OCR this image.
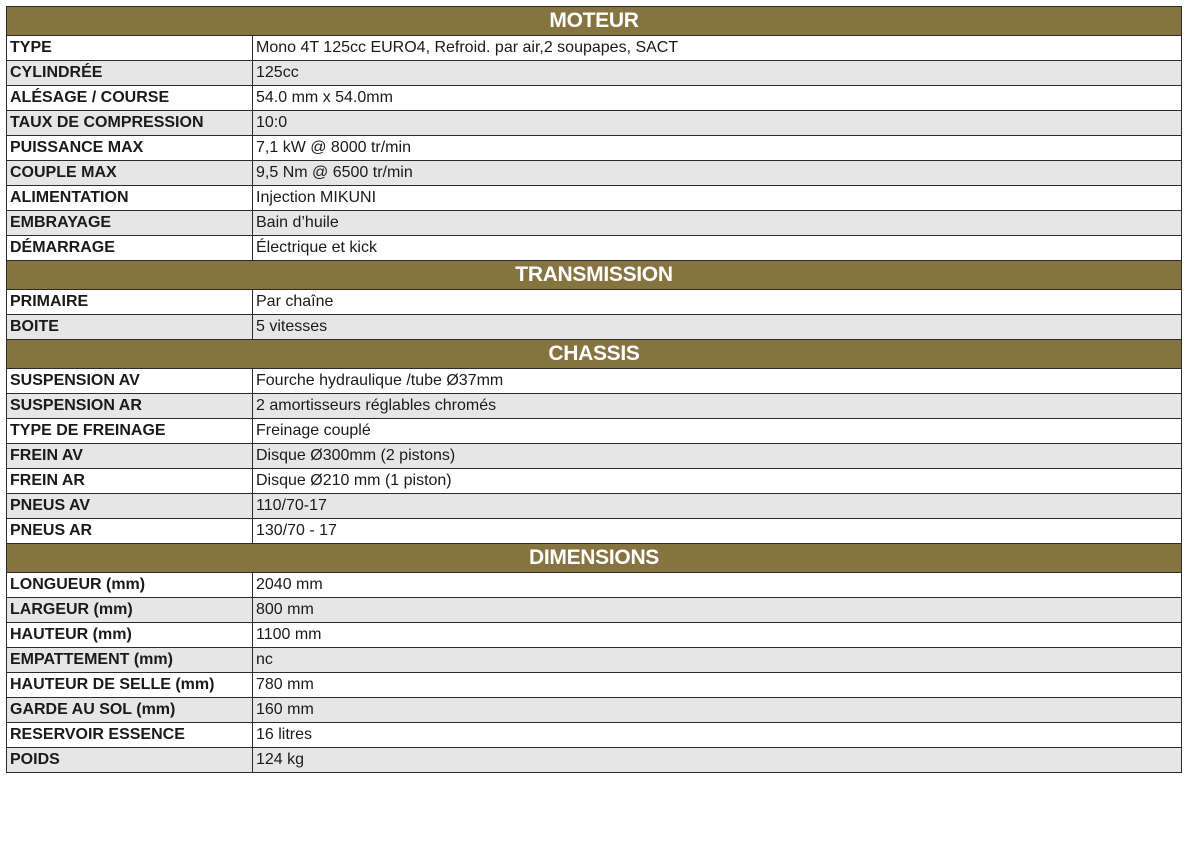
MOTEUR	
TYPE	Mono 4T 125cc EURO4, Refroid. par air,2 soupapes, SACT
CYLINDRÉE	125cc
ALÉSAGE / COURSE	54.0 mm x 54.0mm
TAUX DE COMPRESSION	10:0
PUISSANCE MAX	7,1 kW @ 8000 tr/min
COUPLE MAX	9,5 Nm @ 6500 tr/min
ALIMENTATION	Injection MIKUNI
EMBRAYAGE	Bain d’huile
DÉMARRAGE	Électrique et kick
TRANSMISSION	
PRIMAIRE	Par chaîne
BOITE	5 vitesses
CHASSIS	
SUSPENSION AV	Fourche hydraulique /tube Ø37mm
SUSPENSION AR	2 amortisseurs réglables chromés
TYPE DE FREINAGE	Freinage couplé
FREIN AV	Disque Ø300mm (2 pistons)
FREIN AR	Disque Ø210 mm (1 piston)
PNEUS AV	110/70-17
PNEUS AR	130/70 - 17
DIMENSIONS	
LONGUEUR (mm)	2040 mm
LARGEUR (mm)	800 mm
HAUTEUR (mm)	1100 mm
EMPATTEMENT (mm)	nc
HAUTEUR DE SELLE (mm)	780 mm
GARDE AU SOL (mm)	160 mm
RESERVOIR ESSENCE	16 litres
POIDS	124 kg
